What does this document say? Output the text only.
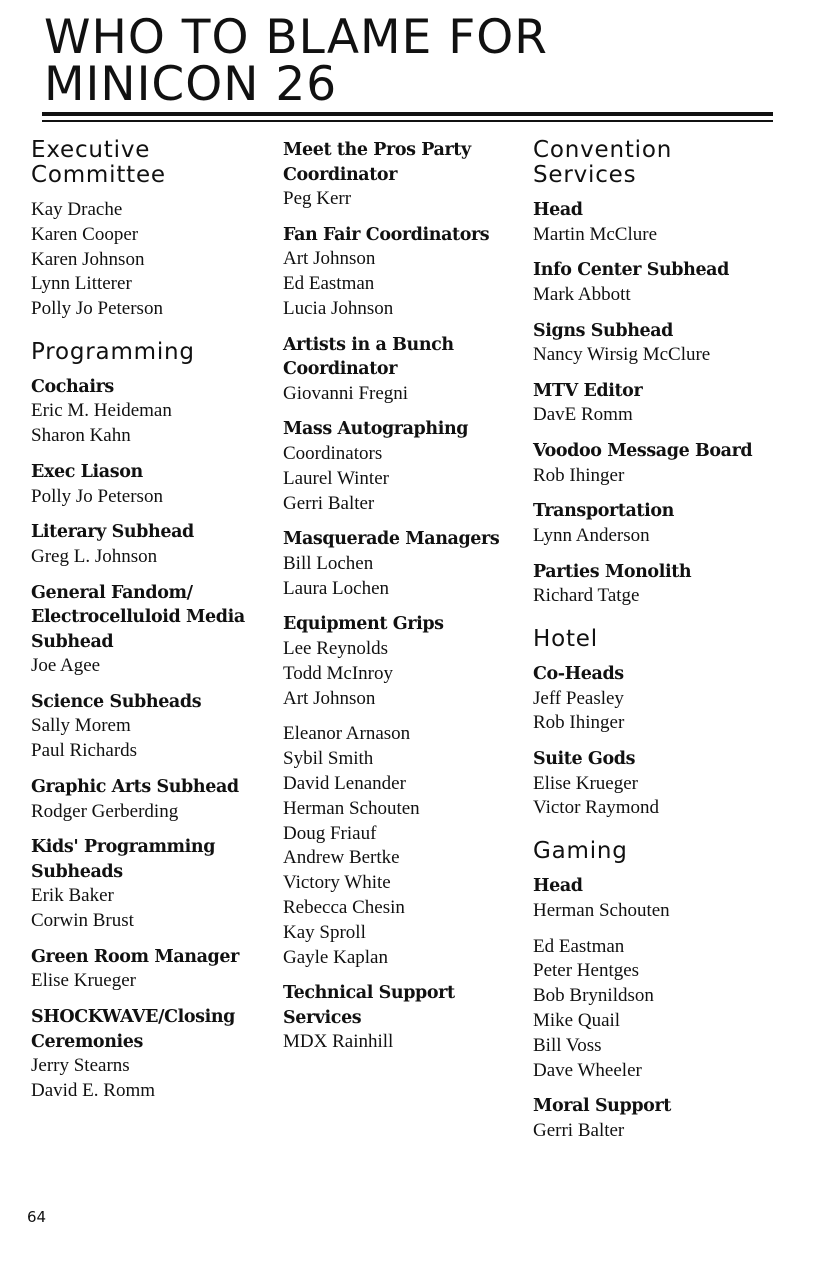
WHO TO BLAME FOR
MINICON 26
Executive
Committee
Kay Drache
Karen Cooper
Karen Johnson
Lynn Litterer
Polly Jo Peterson
Programming
Cochairs
Eric M. Heideman
Sharon Kahn
Exec Liason
Polly Jo Peterson
Literary Subhead
Greg L. Johnson
General Fandom/
Electrocelluloid Media
Subhead
Joe Agee
Science Subheads
Sally Morem
Paul Richards
Graphic Arts Subhead
Rodger Gerberding
Kids' Programming
Subheads
Erik Baker
Corwin Brust
Green Room Manager
Elise Krueger
SHOCKWAVE/Closing
Ceremonies
Jerry Stearns
David E. Romm
Meet the Pros Party
Coordinator
Peg Kerr
Fan Fair Coordinators
Art Johnson
Ed Eastman
Lucia Johnson
Artists in a Bunch
Coordinator
Giovanni Fregni
Mass Autographing
Coordinators
Laurel Winter
Gerri Balter
Masquerade Managers
Bill Lochen
Laura Lochen
Equipment Grips
Lee Reynolds
Todd McInroy
Art Johnson
Eleanor Arnason
Sybil Smith
David Lenander
Herman Schouten
Doug Friauf
Andrew Bertke
Victory White
Rebecca Chesin
Kay Sproll
Gayle Kaplan
Technical Support
Services
MDX Rainhill
Convention
Services
Head
Martin McClure
Info Center Subhead
Mark Abbott
Signs Subhead
Nancy Wirsig McClure
MTV Editor
DavE Romm
Voodoo Message Board
Rob Ihinger
Transportation
Lynn Anderson
Parties Monolith
Richard Tatge
Hotel
Co-Heads
Jeff Peasley
Rob Ihinger
Suite Gods
Elise Krueger
Victor Raymond
Gaming
Head
Herman Schouten
Ed Eastman
Peter Hentges
Bob Brynildson
Mike Quail
Bill Voss
Dave Wheeler
Moral Support
Gerri Balter
64
